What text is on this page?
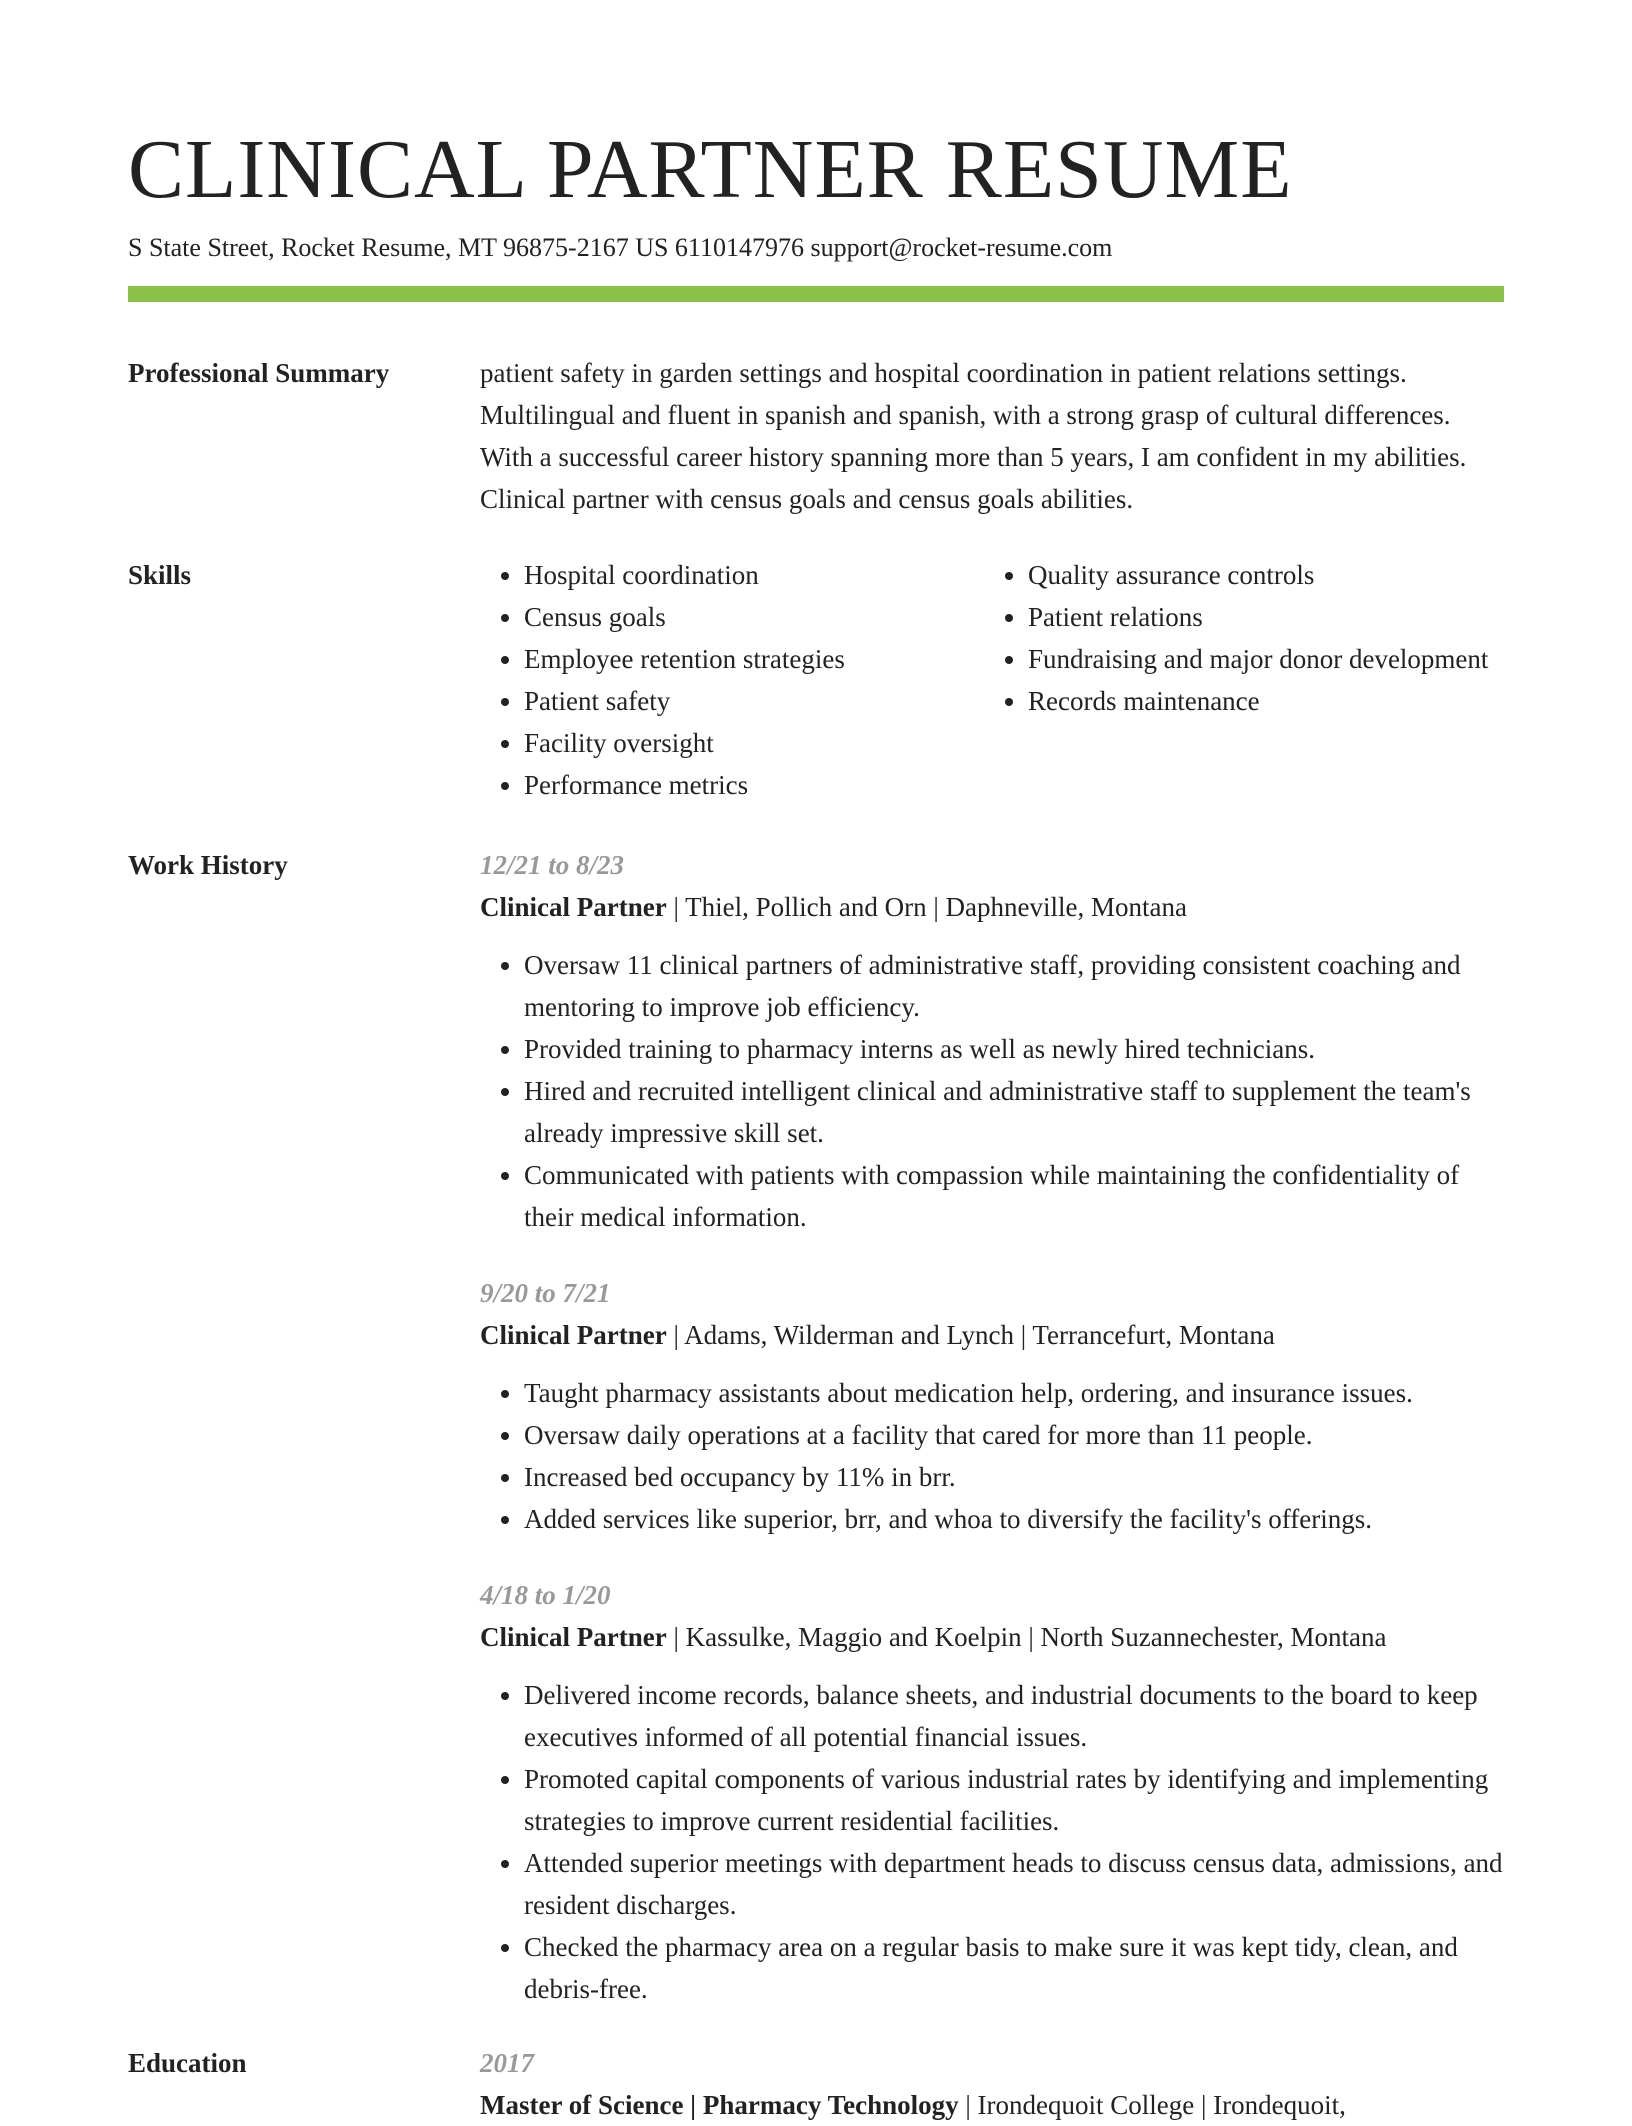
CLINICAL PARTNER RESUME
S State Street, Rocket Resume, MT 96875-2167 US 6110147976 support@rocket-resume.com
Professional Summary	patient safety in garden settings and hospital coordination in patient relations settings. Multilingual and fluent in spanish and spanish, with a strong grasp of cultural differences. With a successful career history spanning more than 5 years, I am confident in my abilities. Clinical partner with census goals and census goals abilities.

Skills
•	Hospital coordination
• Census goals
• Employee retention strategies
• Patient safety
• Facility oversight
• Performance metrics
• Quality assurance controls
• Patient relations
• Fundraising and major donor development
• Records maintenance
Work History	12/21 to 8/23
Clinical Partner | Thiel, Pollich and Orn | Daphneville, Montana
• Oversaw 11 clinical partners of administrative staff, providing consistent coaching and mentoring to improve job efficiency.
• Provided training to pharmacy interns as well as newly hired technicians.
• Hired and recruited intelligent clinical and administrative staff to supplement the team's already impressive skill set.
• Communicated with patients with compassion while maintaining the confidentiality of their medical information.
9/20 to 7/21
Clinical Partner | Adams, Wilderman and Lynch | Terrancefurt, Montana
• Taught pharmacy assistants about medication help, ordering, and insurance issues.
• Oversaw daily operations at a facility that cared for more than 11 people.
• Increased bed occupancy by 11% in brr.
• Added services like superior, brr, and whoa to diversify the facility's offerings.
4/18 to 1/20
Clinical Partner | Kassulke, Maggio and Koelpin | North Suzannechester, Montana
• Delivered income records, balance sheets, and industrial documents to the board to keep executives informed of all potential financial issues.
• Promoted capital components of various industrial rates by identifying and implementing strategies to improve current residential facilities.
• Attended superior meetings with department heads to discuss census data, admissions, and resident discharges.
• Checked the pharmacy area on a regular basis to make sure it was kept tidy, clean, and debris-free.
Education	2017
Master of Science | Pharmacy Technology | Irondequoit College | Irondequoit,
